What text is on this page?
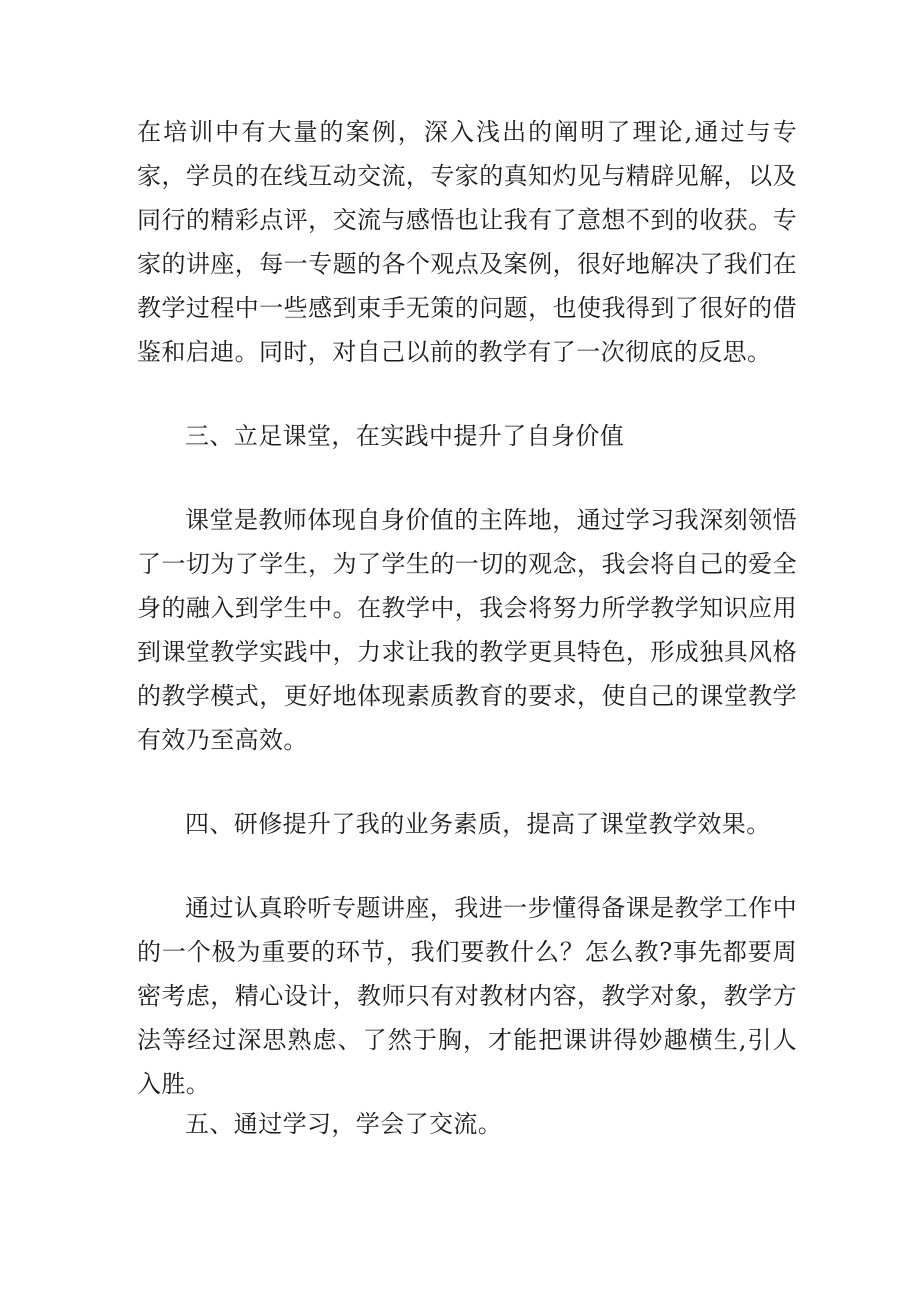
在培训中有大量的案例，深入浅出的阐明了理论,通过与专家，学员的在线互动交流，专家的真知灼见与精辟见解，以及同行的精彩点评，交流与感悟也让我有了意想不到的收获。专家的讲座，每一专题的各个观点及案例，很好地解决了我们在教学过程中一些感到束手无策的问题，也使我得到了很好的借鉴和启迪。同时，对自己以前的教学有了一次彻底的反思。

三、立足课堂，在实践中提升了自身价值

课堂是教师体现自身价值的主阵地，通过学习我深刻领悟了一切为了学生，为了学生的一切的观念，我会将自己的爱全身的融入到学生中。在教学中，我会将努力所学教学知识应用到课堂教学实践中，力求让我的教学更具特色，形成独具风格的教学模式，更好地体现素质教育的要求，使自己的课堂教学有效乃至高效。

四、研修提升了我的业务素质，提高了课堂教学效果。

通过认真聆听专题讲座，我进一步懂得备课是教学工作中的一个极为重要的环节，我们要教什么？怎么教?事先都要周密考虑，精心设计，教师只有对教材内容，教学对象，教学方法等经过深思熟虑、了然于胸，才能把课讲得妙趣横生,引人入胜。

五、通过学习，学会了交流。
